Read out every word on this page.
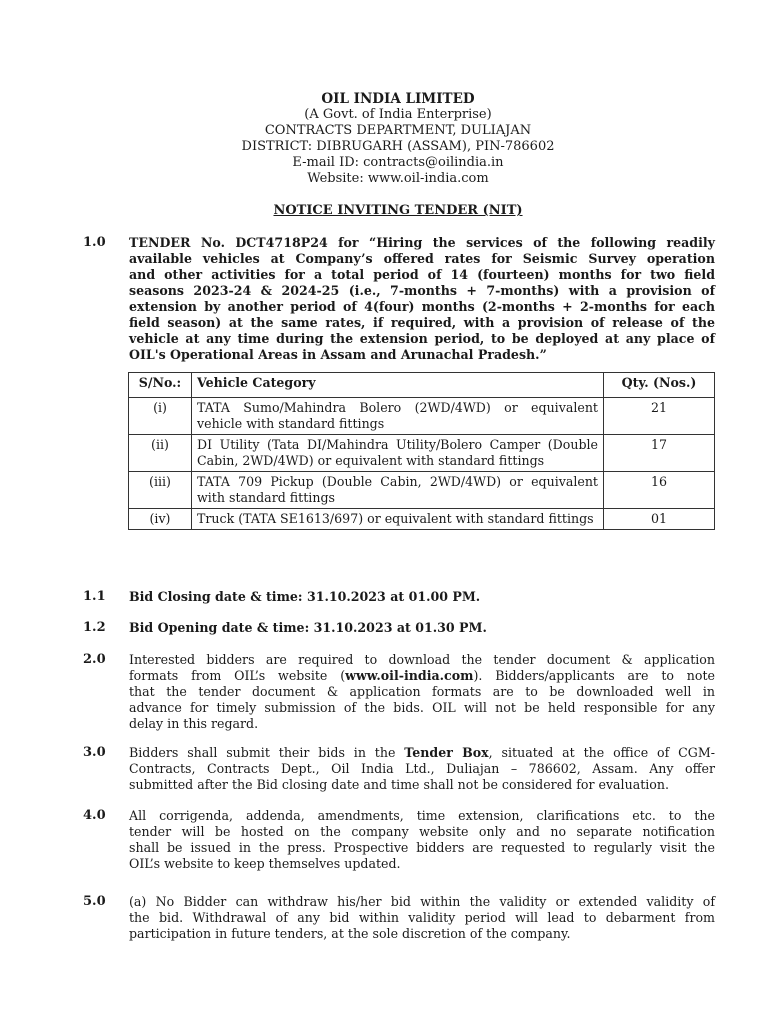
OIL INDIA LIMITED
(A Govt. of India Enterprise)
CONTRACTS DEPARTMENT, DULIAJAN
DISTRICT: DIBRUGARH (ASSAM), PIN-786602
E-mail ID: contracts@oilindia.in
Website: www.oil-india.com
NOTICE INVITING TENDER (NIT)
1.0 TENDER No. DCT4718P24 for “Hiring the services of the following readily
available vehicles at Company’s offered rates for Seismic Survey operation
and other activities for a total period of 14 (fourteen) months for two field
seasons 2023-24 & 2024-25 (i.e., 7-months + 7-months) with a provision of
extension by another period of 4(four) months (2-months + 2-months for each
field season) at the same rates, if required, with a provision of release of the
vehicle at any time during the extension period, to be deployed at any place of
OIL's Operational Areas in Assam and Arunachal Pradesh.”
S/No.:	Vehicle Category	Qty. (Nos.)
(i)	TATA Sumo/Mahindra Bolero (2WD/4WD) or equivalent vehicle with standard fittings	21
(ii)	DI Utility (Tata DI/Mahindra Utility/Bolero Camper (Double Cabin, 2WD/4WD) or equivalent with standard fittings	17
(iii)	TATA 709 Pickup (Double Cabin, 2WD/4WD) or equivalent with standard fittings	16
(iv)	Truck (TATA SE1613/697) or equivalent with standard fittings	01
1.1 Bid Closing date & time: 31.10.2023 at 01.00 PM.
1.2 Bid Opening date & time: 31.10.2023 at 01.30 PM.
2.0 Interested bidders are required to download the tender document & application
formats from OIL’s website (www.oil-india.com). Bidders/applicants are to note
that the tender document & application formats are to be downloaded well in
advance for timely submission of the bids. OIL will not be held responsible for any
delay in this regard.
3.0 Bidders shall submit their bids in the Tender Box, situated at the office of CGM-
Contracts, Contracts Dept., Oil India Ltd., Duliajan – 786602, Assam. Any offer
submitted after the Bid closing date and time shall not be considered for evaluation.
4.0 All corrigenda, addenda, amendments, time extension, clarifications etc. to the
tender will be hosted on the company website only and no separate notification
shall be issued in the press. Prospective bidders are requested to regularly visit the
OIL’s website to keep themselves updated.
5.0 (a) No Bidder can withdraw his/her bid within the validity or extended validity of
the bid. Withdrawal of any bid within validity period will lead to debarment from
participation in future tenders, at the sole discretion of the company.
